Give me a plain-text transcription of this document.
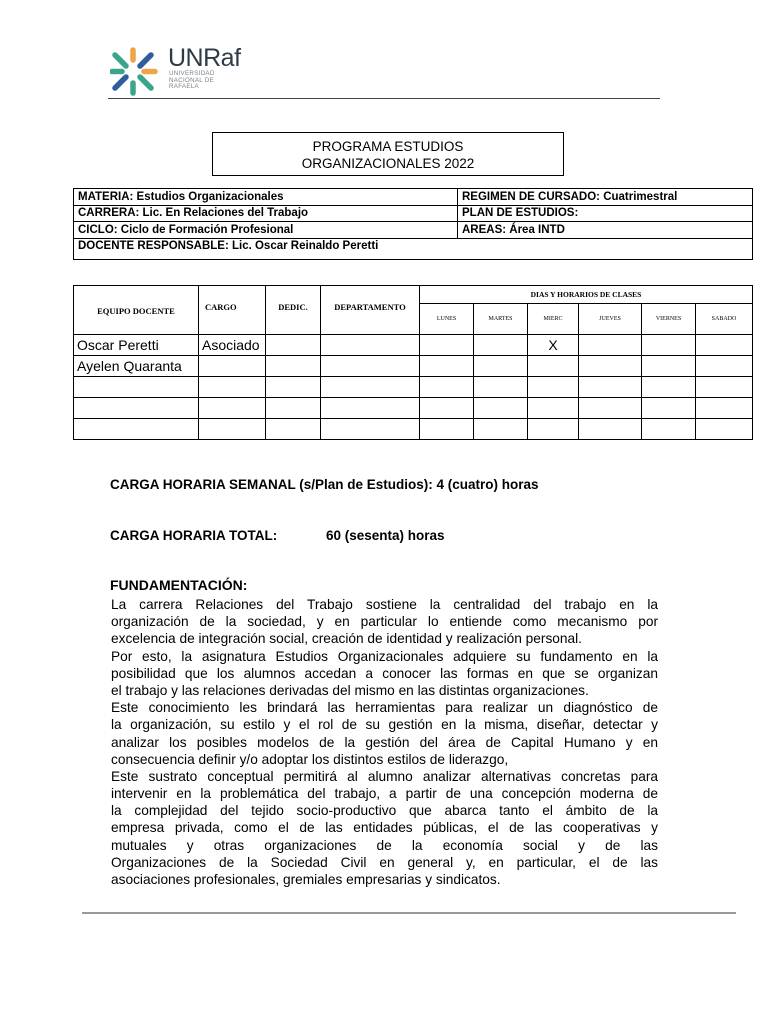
UNRaf
UNIVERSIDAD
NACIONAL DE
RAFAELA
PROGRAMA ESTUDIOS
ORGANIZACIONALES 2022
MATERIA: Estudios Organizacionales	REGIMEN DE CURSADO: Cuatrimestral
CARRERA: Lic. En Relaciones del Trabajo	PLAN DE ESTUDIOS:
CICLO: Ciclo de Formación Profesional	AREAS: Área INTD
DOCENTE RESPONSABLE: Lic. Oscar Reinaldo Peretti	
EQUIPO DOCENTE	CARGO	DEDIC.	DEPARTAMENTO	DIAS Y HORARIOS DE CLASES					
				LUNES	MARTES	MIERC	JUEVES	VIERNES	SABADO
Oscar Peretti	Asociado					X			
Ayelen Quaranta									

CARGA HORARIA SEMANAL (s/Plan de Estudios): 4 (cuatro) horas
CARGA HORARIA TOTAL:	60 (sesenta) horas
FUNDAMENTACIÓN:
La carrera Relaciones del Trabajo sostiene la centralidad del trabajo en la
organización de la sociedad, y en particular lo entiende como mecanismo por
excelencia de integración social, creación de identidad y realización personal.
Por esto, la asignatura Estudios Organizacionales adquiere su fundamento en la
posibilidad que los alumnos accedan a conocer las formas en que se organizan
el trabajo y las relaciones derivadas del mismo en las distintas organizaciones.
Este conocimiento les brindará las herramientas para realizar un diagnóstico de
la organización, su estilo y el rol de su gestión en la misma, diseñar, detectar y
analizar los posibles modelos de la gestión del área de Capital Humano y en
consecuencia definir y/o adoptar los distintos estilos de liderazgo,
Este sustrato conceptual permitirá al alumno analizar alternativas concretas para
intervenir en la problemática del trabajo, a partir de una concepción moderna de
la complejidad del tejido socio-productivo que abarca tanto el ámbito de la
empresa privada, como el de las entidades públicas, el de las cooperativas y
mutuales y otras organizaciones de la economía social y de las
Organizaciones de la Sociedad Civil en general y, en particular, el de las
asociaciones profesionales, gremiales empresarias y sindicatos.
